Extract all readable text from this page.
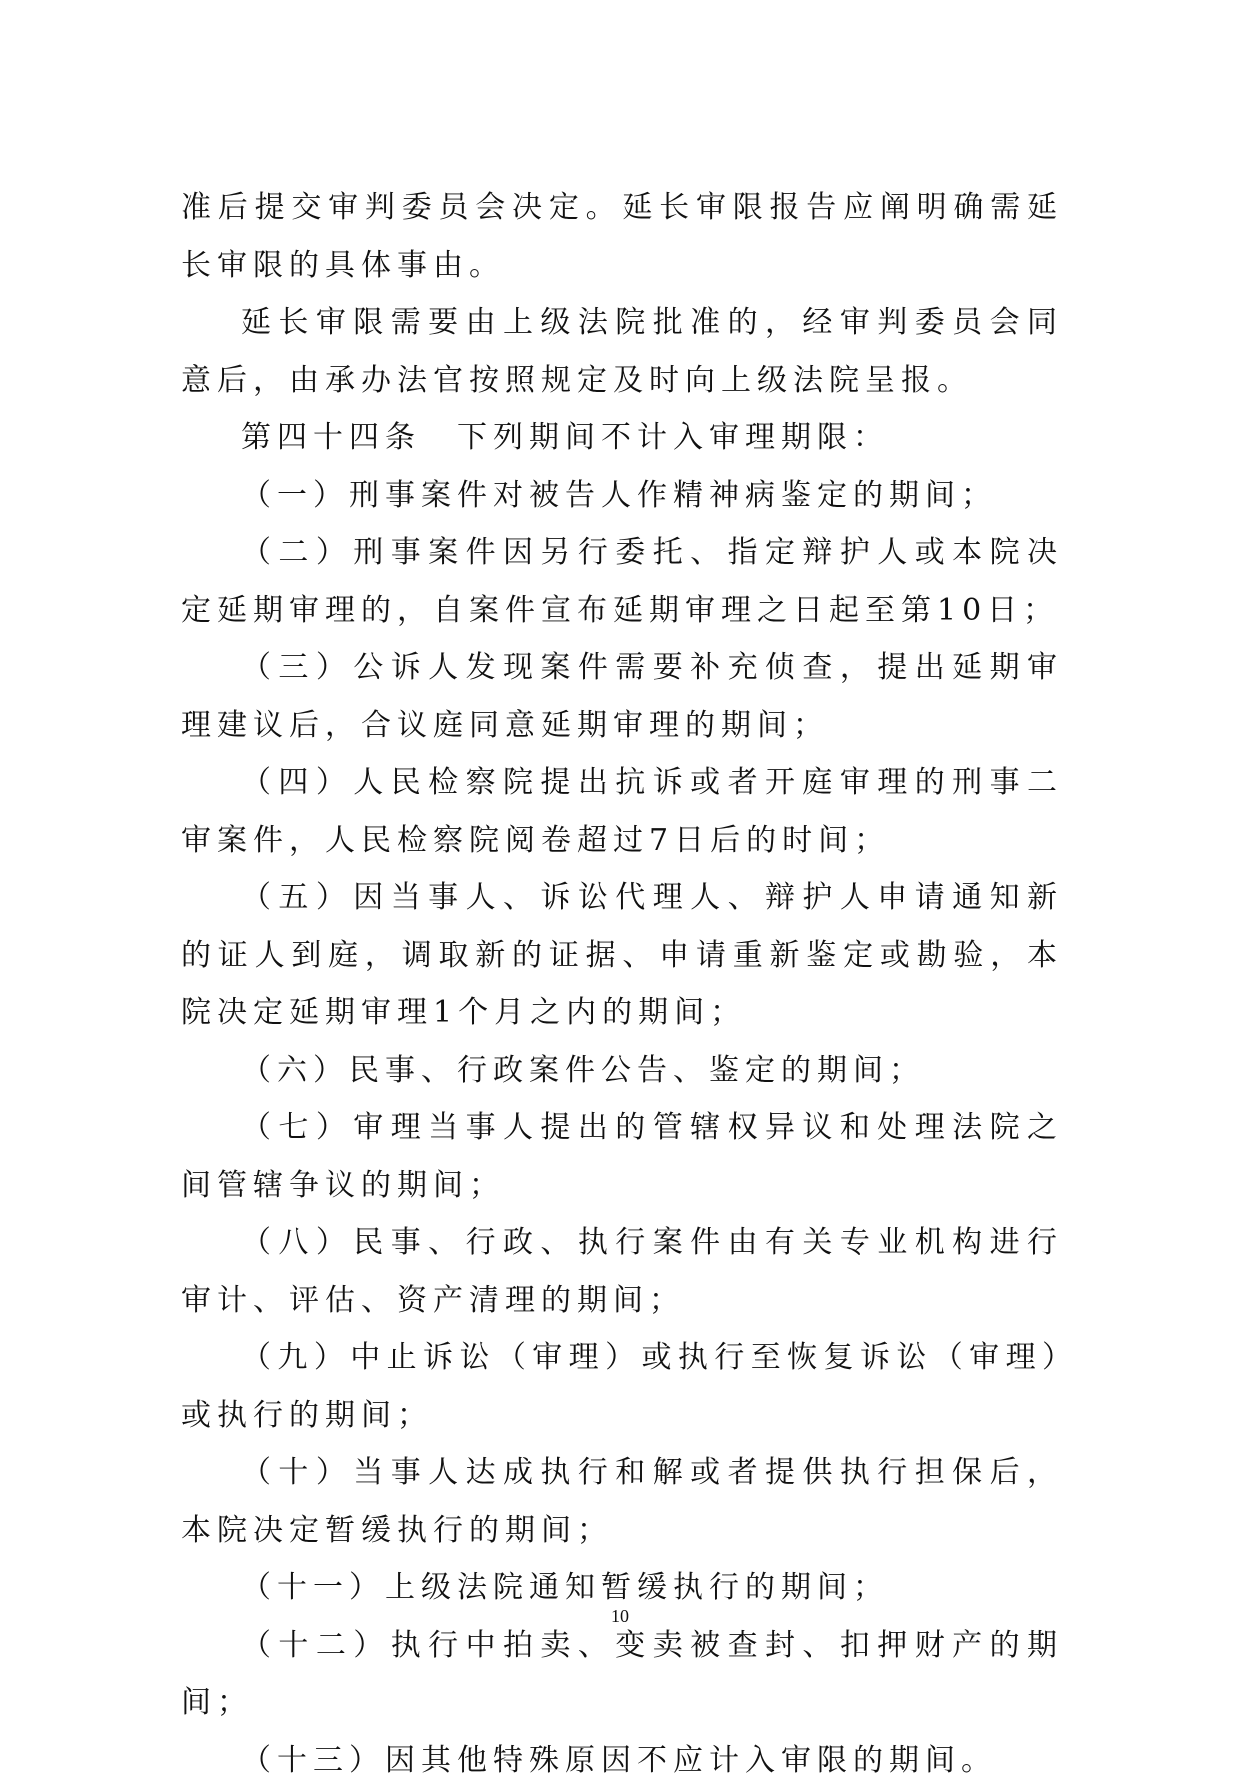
准后提交审判委员会决定。延长审限报告应阐明确需延长审限的具体事由。

延长审限需要由上级法院批准的，经审判委员会同意后，由承办法官按照规定及时向上级法院呈报。

第四十四条　下列期间不计入审理期限：

（一）刑事案件对被告人作精神病鉴定的期间；

（二）刑事案件因另行委托、指定辩护人或本院决定延期审理的，自案件宣布延期审理之日起至第10日；

（三）公诉人发现案件需要补充侦查，提出延期审理建议后，合议庭同意延期审理的期间；

（四）人民检察院提出抗诉或者开庭审理的刑事二审案件，人民检察院阅卷超过7日后的时间；

（五）因当事人、诉讼代理人、辩护人申请通知新的证人到庭，调取新的证据、申请重新鉴定或勘验，本院决定延期审理1个月之内的期间；

（六）民事、行政案件公告、鉴定的期间；

（七）审理当事人提出的管辖权异议和处理法院之间管辖争议的期间；

（八）民事、行政、执行案件由有关专业机构进行审计、评估、资产清理的期间；

（九）中止诉讼（审理）或执行至恢复诉讼（审理）或执行的期间；

（十）当事人达成执行和解或者提供执行担保后，本院决定暂缓执行的期间；

（十一）上级法院通知暂缓执行的期间；

（十二）执行中拍卖、变卖被查封、扣押财产的期间；

（十三）因其他特殊原因不应计入审限的期间。

10
